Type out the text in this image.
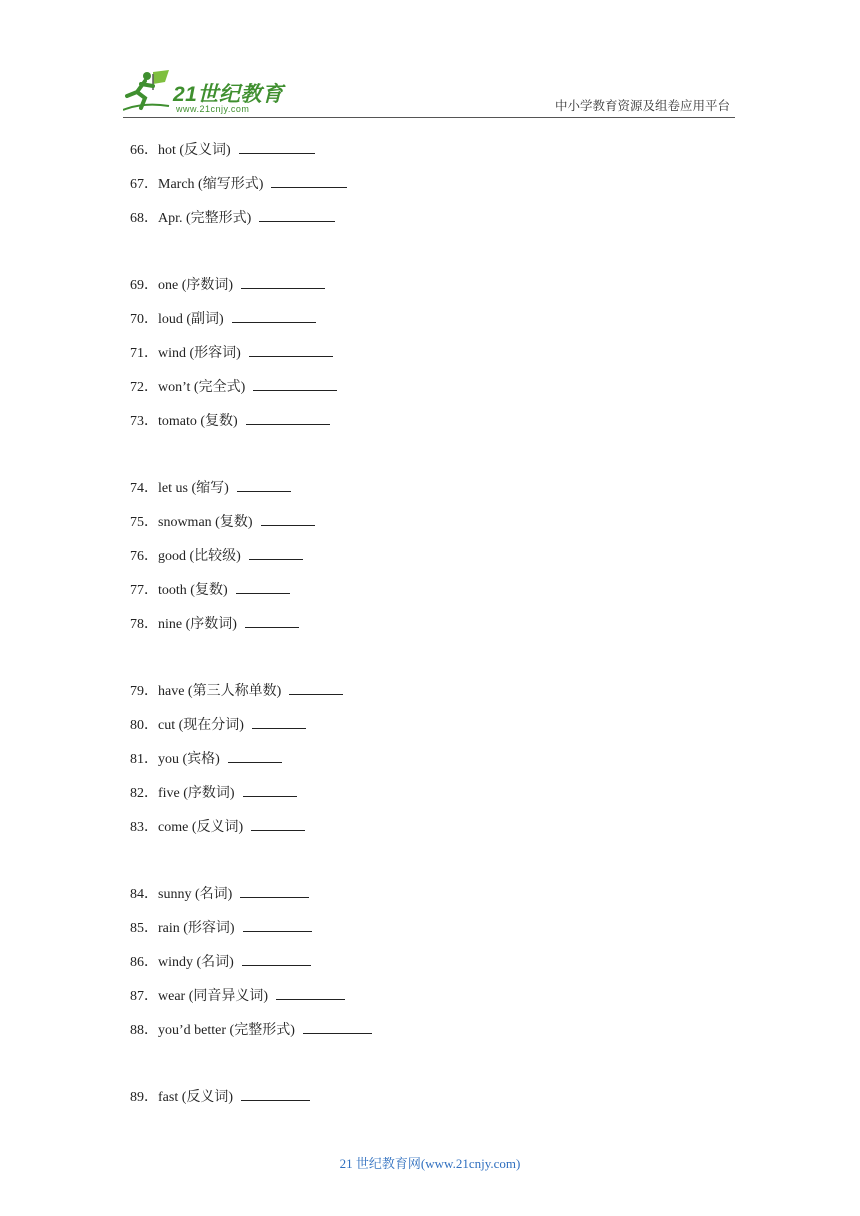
21世纪教育
www.21cnjy.com	中小学教育资源及组卷应用平台
66．hot (反义词)
67．March (缩写形式)
68．Apr. (完整形式)
69．one (序数词)
70．loud (副词)
71．wind (形容词)
72．won’t (完全式)
73．tomato (复数)
74．let us (缩写)
75．snowman (复数)
76．good (比较级)
77．tooth (复数)
78．nine (序数词)
79．have (第三人称单数)
80．cut (现在分词)
81．you (宾格)
82．five (序数词)
83．come (反义词)
84．sunny (名词)
85．rain (形容词)
86．windy (名词)
87．wear (同音异义词)
88．you’d better (完整形式)
89．fast (反义词)
21 世纪教育网(www.21cnjy.com)
